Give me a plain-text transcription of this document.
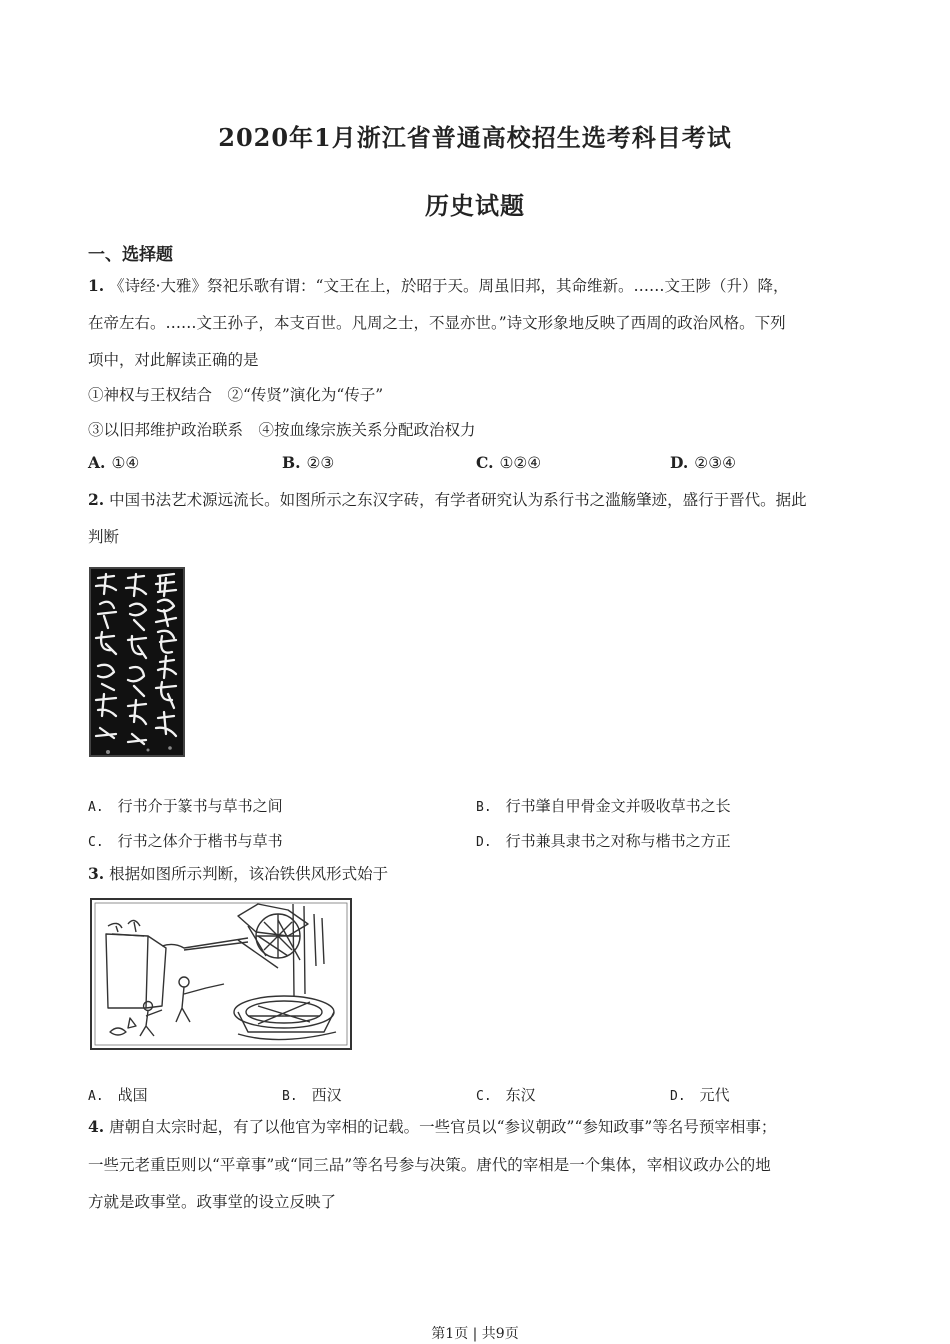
2020年1月浙江省普通高校招生选考科目考试
历史试题
一、选择题
1. 《诗经·大雅》祭祀乐歌有谓：“文王在上，於昭于天。周虽旧邦，其命维新。……文王陟（升）降，
在帝左右。……文王孙子，本支百世。凡周之士，不显亦世。”诗文形象地反映了西周的政治风格。下列
项中，对此解读正确的是
①神权与王权结合　②“传贤”演化为“传子”
③以旧邦维护政治联系　④按血缘宗族关系分配政治权力
A. ①④	B. ②③	C. ①②④	D. ②③④
2. 中国书法艺术源远流长。如图所示之东汉字砖，有学者研究认为系行书之滥觞肇迹，盛行于晋代。据此
判断
A. 行书介于篆书与草书之间	B. 行书肇自甲骨金文并吸收草书之长
C. 行书之体介于楷书与草书	D. 行书兼具隶书之对称与楷书之方正
3. 根据如图所示判断，该冶铁供风形式始于
A. 战国	B. 西汉	C. 东汉	D. 元代
4. 唐朝自太宗时起，有了以他官为宰相的记载。一些官员以“参议朝政”“参知政事”等名号预宰相事；
一些元老重臣则以“平章事”或“同三品”等名号参与决策。唐代的宰相是一个集体，宰相议政办公的地
方就是政事堂。政事堂的设立反映了
第1页 | 共9页
